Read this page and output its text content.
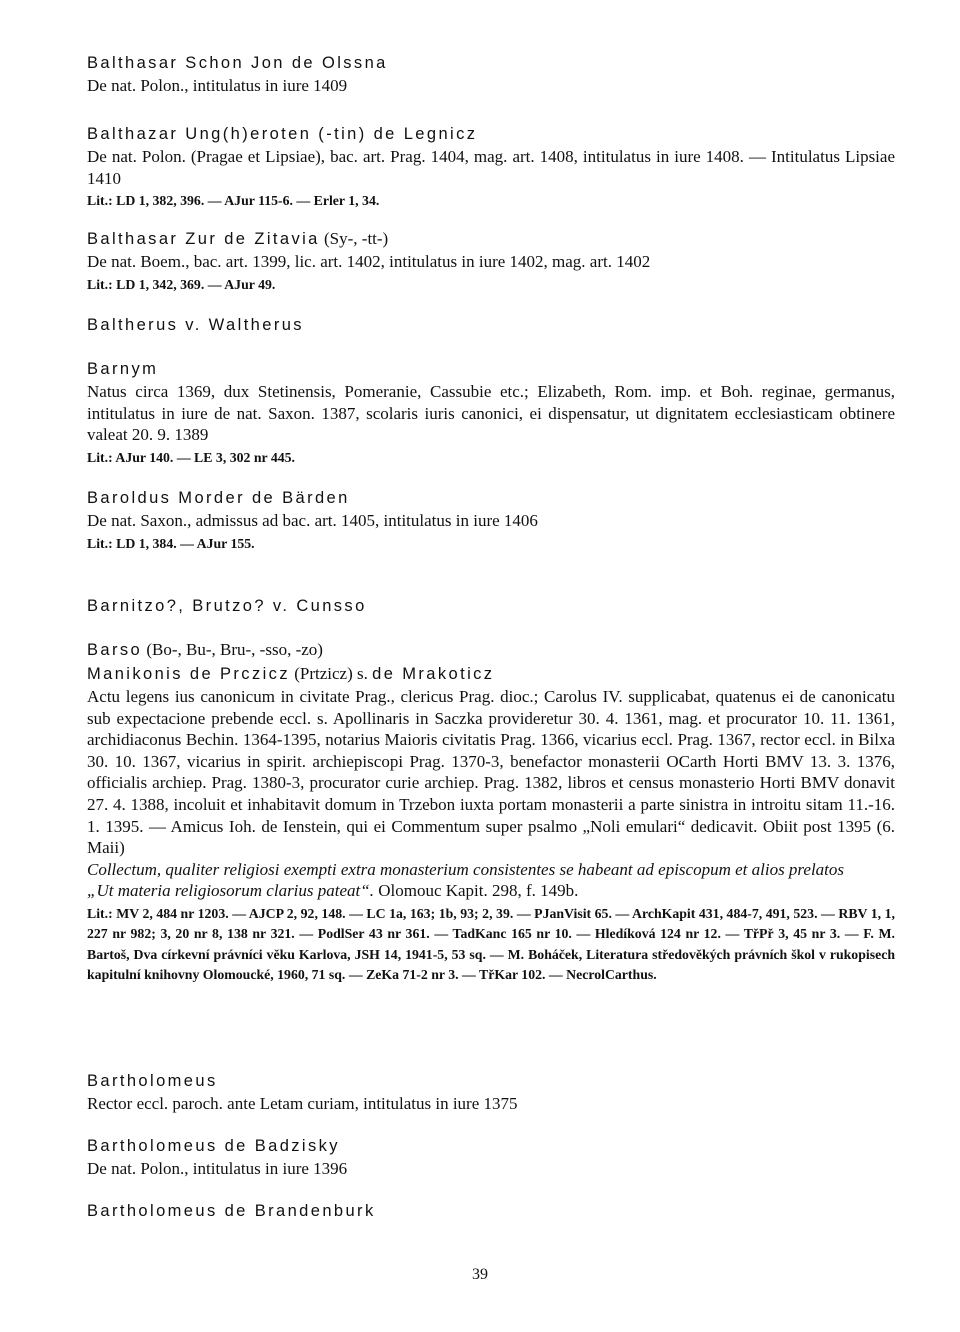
Balthasar Schon Jon de Olssna
De nat. Polon., intitulatus in iure 1409
Balthazar Ung(h)eroten (-tin) de Legnicz
De nat. Polon. (Pragae et Lipsiae), bac. art. Prag. 1404, mag. art. 1408, intitulatus in iure 1408. — Intitulatus Lipsiae 1410
Lit.: LD 1, 382, 396. — AJur 115-6. — Erler 1, 34.
Balthasar Zur de Zitavia (Sy-, -tt-)
De nat. Boem., bac. art. 1399, lic. art. 1402, intitulatus in iure 1402, mag. art. 1402
Lit.: LD 1, 342, 369. — AJur 49.
Baltherus v. Waltherus
Barnym
Natus circa 1369, dux Stetinensis, Pomeranie, Cassubie etc.; Elizabeth, Rom. imp. et Boh. reginae, germanus, intitulatus in iure de nat. Saxon. 1387, scolaris iuris canonici, ei dispensatur, ut dignitatem ecclesiasticam obtinere valeat 20. 9. 1389
Lit.: AJur 140. — LE 3, 302 nr 445.
Baroldus Morder de Bärden
De nat. Saxon., admissus ad bac. art. 1405, intitulatus in iure 1406
Lit.: LD 1, 384. — AJur 155.
Barnitzo?, Brutzo? v. Cunsso
Barso (Bo-, Bu-, Bru-, -sso, -zo)
Manikonis de Prczicz (Prtzicz) s. de Mrakoticz
Actu legens ius canonicum in civitate Prag., clericus Prag. dioc.; Carolus IV. supplicabat, quatenus ei de canonicatu sub expectacione prebende eccl. s. Apollinaris in Saczka provideretur 30. 4. 1361, mag. et procurator 10. 11. 1361, archidiaconus Bechin. 1364-1395, notarius Maioris civitatis Prag. 1366, vicarius eccl. Prag. 1367, rector eccl. in Bilxa 30. 10. 1367, vicarius in spirit. archiepiscopi Prag. 1370-3, benefactor monasterii OCarth Horti BMV 13. 3. 1376, officialis archiep. Prag. 1380-3, procurator curie archiep. Prag. 1382, libros et census monasterio Horti BMV donavit 27. 4. 1388, incoluit et inhabitavit domum in Trzebon iuxta portam monasterii a parte sinistra in introitu sitam 11.-16. 1. 1395. — Amicus Ioh. de Ienstein, qui ei Commentum super psalmo „Noli emulari“ dedicavit. Obiit post 1395 (6. Maii)
Collectum, qualiter religiosi exempti extra monasterium consistentes se habeant ad episcopum et alios prelatos
„Ut materia religiosorum clarius pateat“. Olomouc Kapit. 298, f. 149b.
Lit.: MV 2, 484 nr 1203. — AJCP 2, 92, 148. — LC 1a, 163; 1b, 93; 2, 39. — PJanVisit 65. — ArchKapit 431, 484-7, 491, 523. — RBV 1, 1, 227 nr 982; 3, 20 nr 8, 138 nr 321. — PodlSer 43 nr 361. — TadKanc 165 nr 10. — Hledíková 124 nr 12. — TřPř 3, 45 nr 3. — F. M. Bartoš, Dva církevní právníci věku Karlova, JSH 14, 1941-5, 53 sq. — M. Boháček, Literatura středověkých právních škol v rukopisech kapitulní knihovny Olomoucké, 1960, 71 sq. — ZeKa 71-2 nr 3. — TřKar 102. — NecrolCarthus.
Bartholomeus
Rector eccl. paroch. ante Letam curiam, intitulatus in iure 1375
Bartholomeus de Badzisky
De nat. Polon., intitulatus in iure 1396
Bartholomeus de Brandenburk
39
